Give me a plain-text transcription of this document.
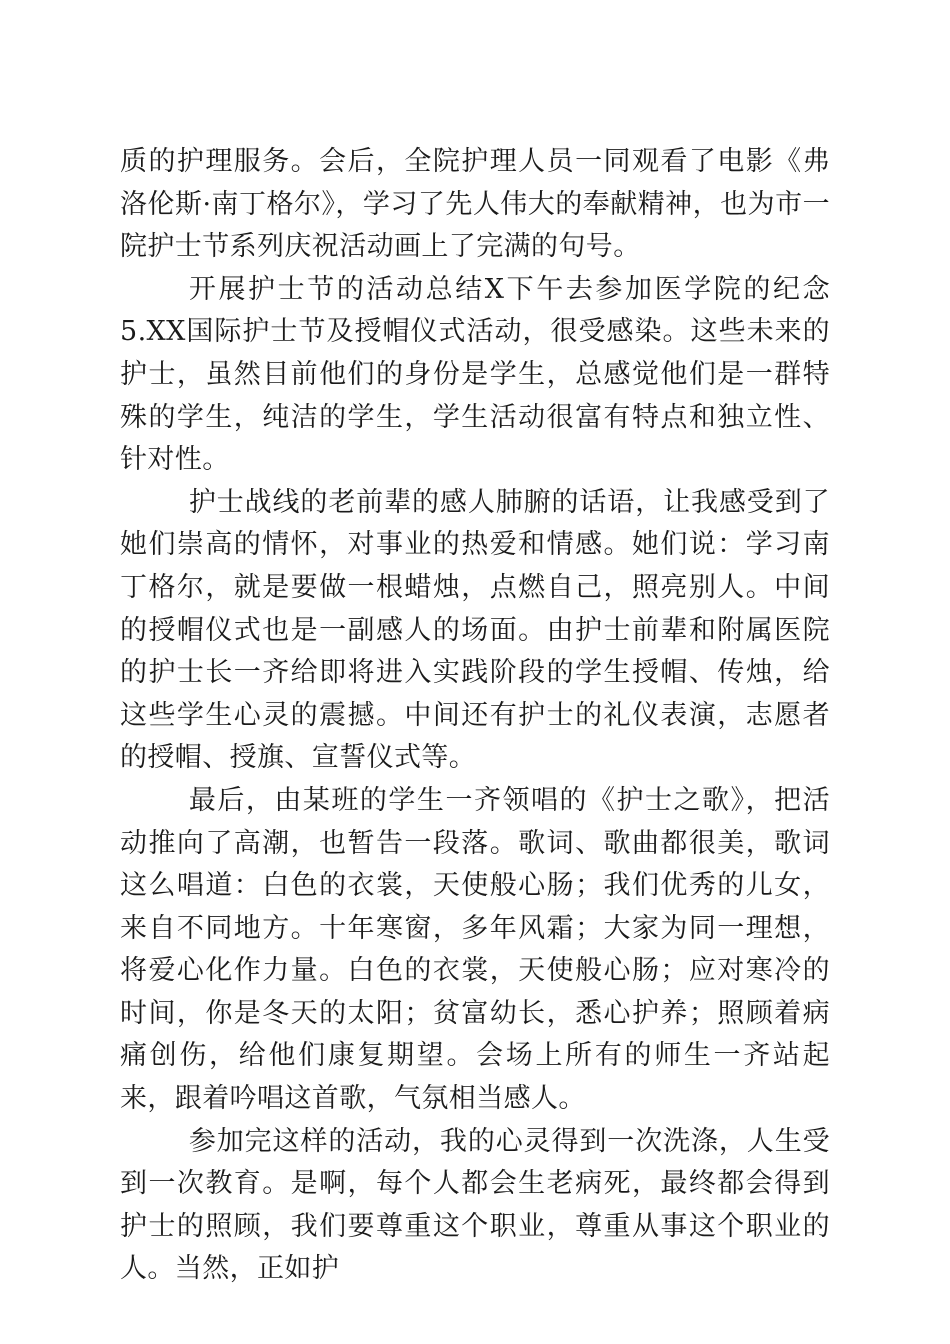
质的护理服务。会后，全院护理人员一同观看了电影《弗洛伦斯·南丁格尔》，学习了先人伟大的奉献精神，也为市一院护士节系列庆祝活动画上了完满的句号。

开展护士节的活动总结X下午去参加医学院的纪念5.XX国际护士节及授帽仪式活动，很受感染。这些未来的护士，虽然目前他们的身份是学生，总感觉他们是一群特殊的学生，纯洁的学生，学生活动很富有特点和独立性、针对性。

护士战线的老前辈的感人肺腑的话语，让我感受到了她们崇高的情怀，对事业的热爱和情感。她们说：学习南丁格尔，就是要做一根蜡烛，点燃自己，照亮别人。中间的授帽仪式也是一副感人的场面。由护士前辈和附属医院的护士长一齐给即将进入实践阶段的学生授帽、传烛，给这些学生心灵的震撼。中间还有护士的礼仪表演，志愿者的授帽、授旗、宣誓仪式等。

最后，由某班的学生一齐领唱的《护士之歌》，把活动推向了高潮，也暂告一段落。歌词、歌曲都很美，歌词这么唱道：白色的衣裳，天使般心肠；我们优秀的儿女，来自不同地方。十年寒窗，多年风霜；大家为同一理想，将爱心化作力量。白色的衣裳，天使般心肠；应对寒冷的时间，你是冬天的太阳；贫富幼长，悉心护养；照顾着病痛创伤，给他们康复期望。会场上所有的师生一齐站起来，跟着吟唱这首歌，气氛相当感人。

参加完这样的活动，我的心灵得到一次洗涤，人生受到一次教育。是啊，每个人都会生老病死，最终都会得到护士的照顾，我们要尊重这个职业，尊重从事这个职业的人。当然，正如护
